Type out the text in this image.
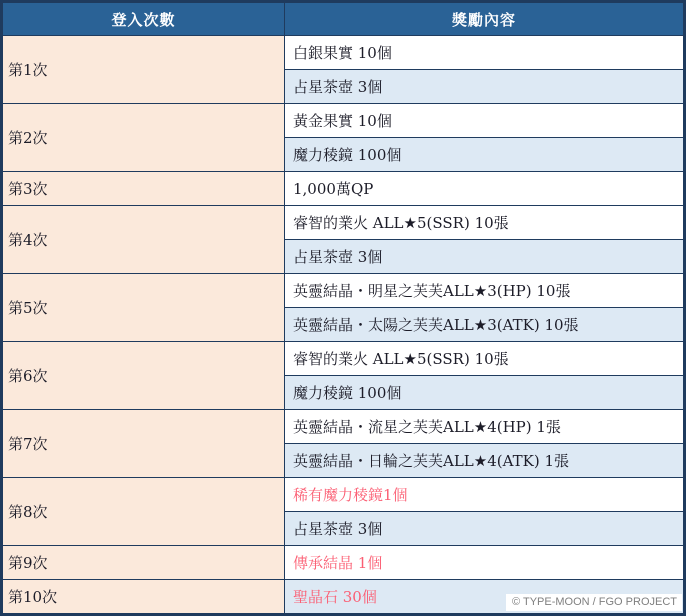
登入次數	獎勵內容
第1次	白銀果實 10個
	占星茶壺 3個
第2次	黃金果實 10個
	魔力稜鏡 100個
第3次	1,000萬QP
第4次	睿智的業火 ALL★5(SSR) 10張
	占星茶壺 3個
第5次	英靈結晶・明星之芙芙ALL★3(HP) 10張
	英靈結晶・太陽之芙芙ALL★3(ATK) 10張
第6次	睿智的業火 ALL★5(SSR) 10張
	魔力稜鏡 100個
第7次	英靈結晶・流星之芙芙ALL★4(HP) 1張
	英靈結晶・日輪之芙芙ALL★4(ATK) 1張
第8次	稀有魔力稜鏡1個
	占星茶壺 3個
第9次	傳承結晶 1個
第10次	聖晶石 30個 © TYPE-MOON / FGO PROJECT
